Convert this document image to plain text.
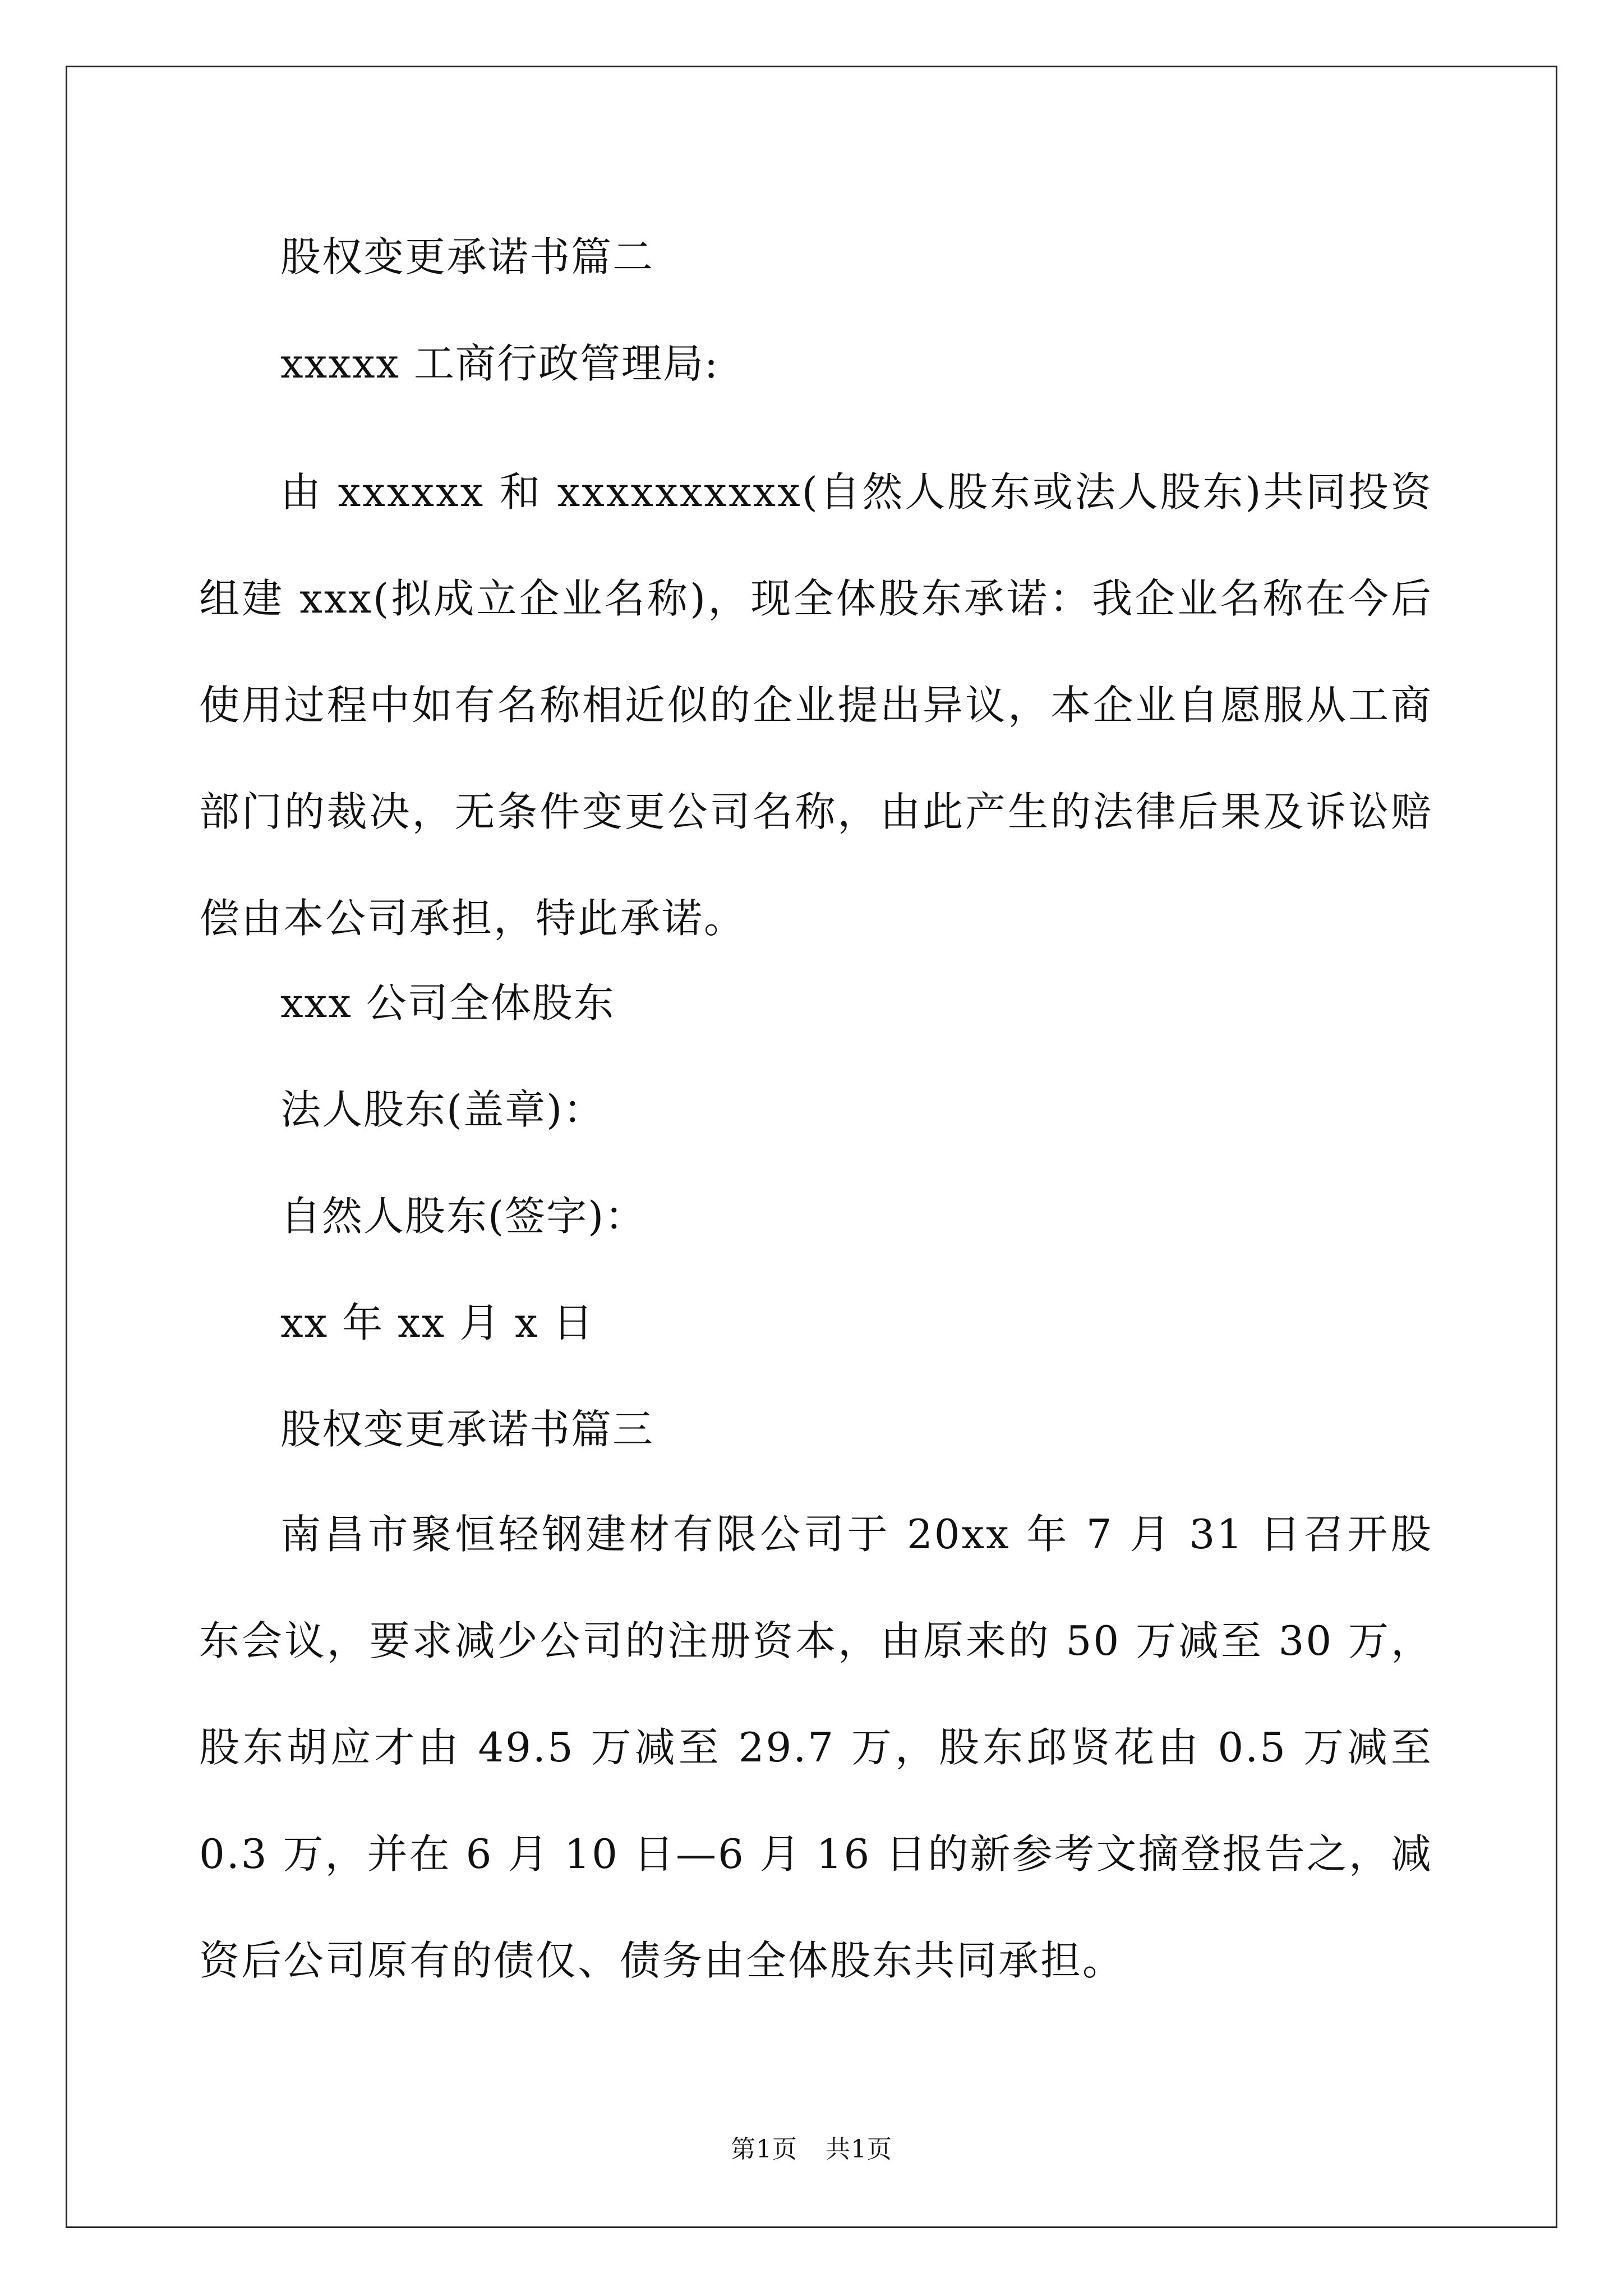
股权变更承诺书篇二
xxxxx 工商行政管理局:
由 xxxxxx 和 xxxxxxxxxx(自然人股东或法人股东)共同投资组建 xxx(拟成立企业名称)，现全体股东承诺：我企业名称在今后使用过程中如有名称相近似的企业提出异议，本企业自愿服从工商部门的裁决，无条件变更公司名称，由此产生的法律后果及诉讼赔偿由本公司承担，特此承诺。
xxx 公司全体股东
法人股东(盖章)：
自然人股东(签字)：
xx 年 xx 月 x 日
股权变更承诺书篇三
南昌市聚恒轻钢建材有限公司于 20xx 年 7 月 31 日召开股东会议，要求减少公司的注册资本，由原来的 50 万减至 30 万，股东胡应才由 49.5 万减至 29.7 万，股东邱贤花由 0.5 万减至 0.3 万，并在 6 月 10 日—6 月 16 日的新参考文摘登报告之，减资后公司原有的债仅、债务由全体股东共同承担。
第1页 共1页
